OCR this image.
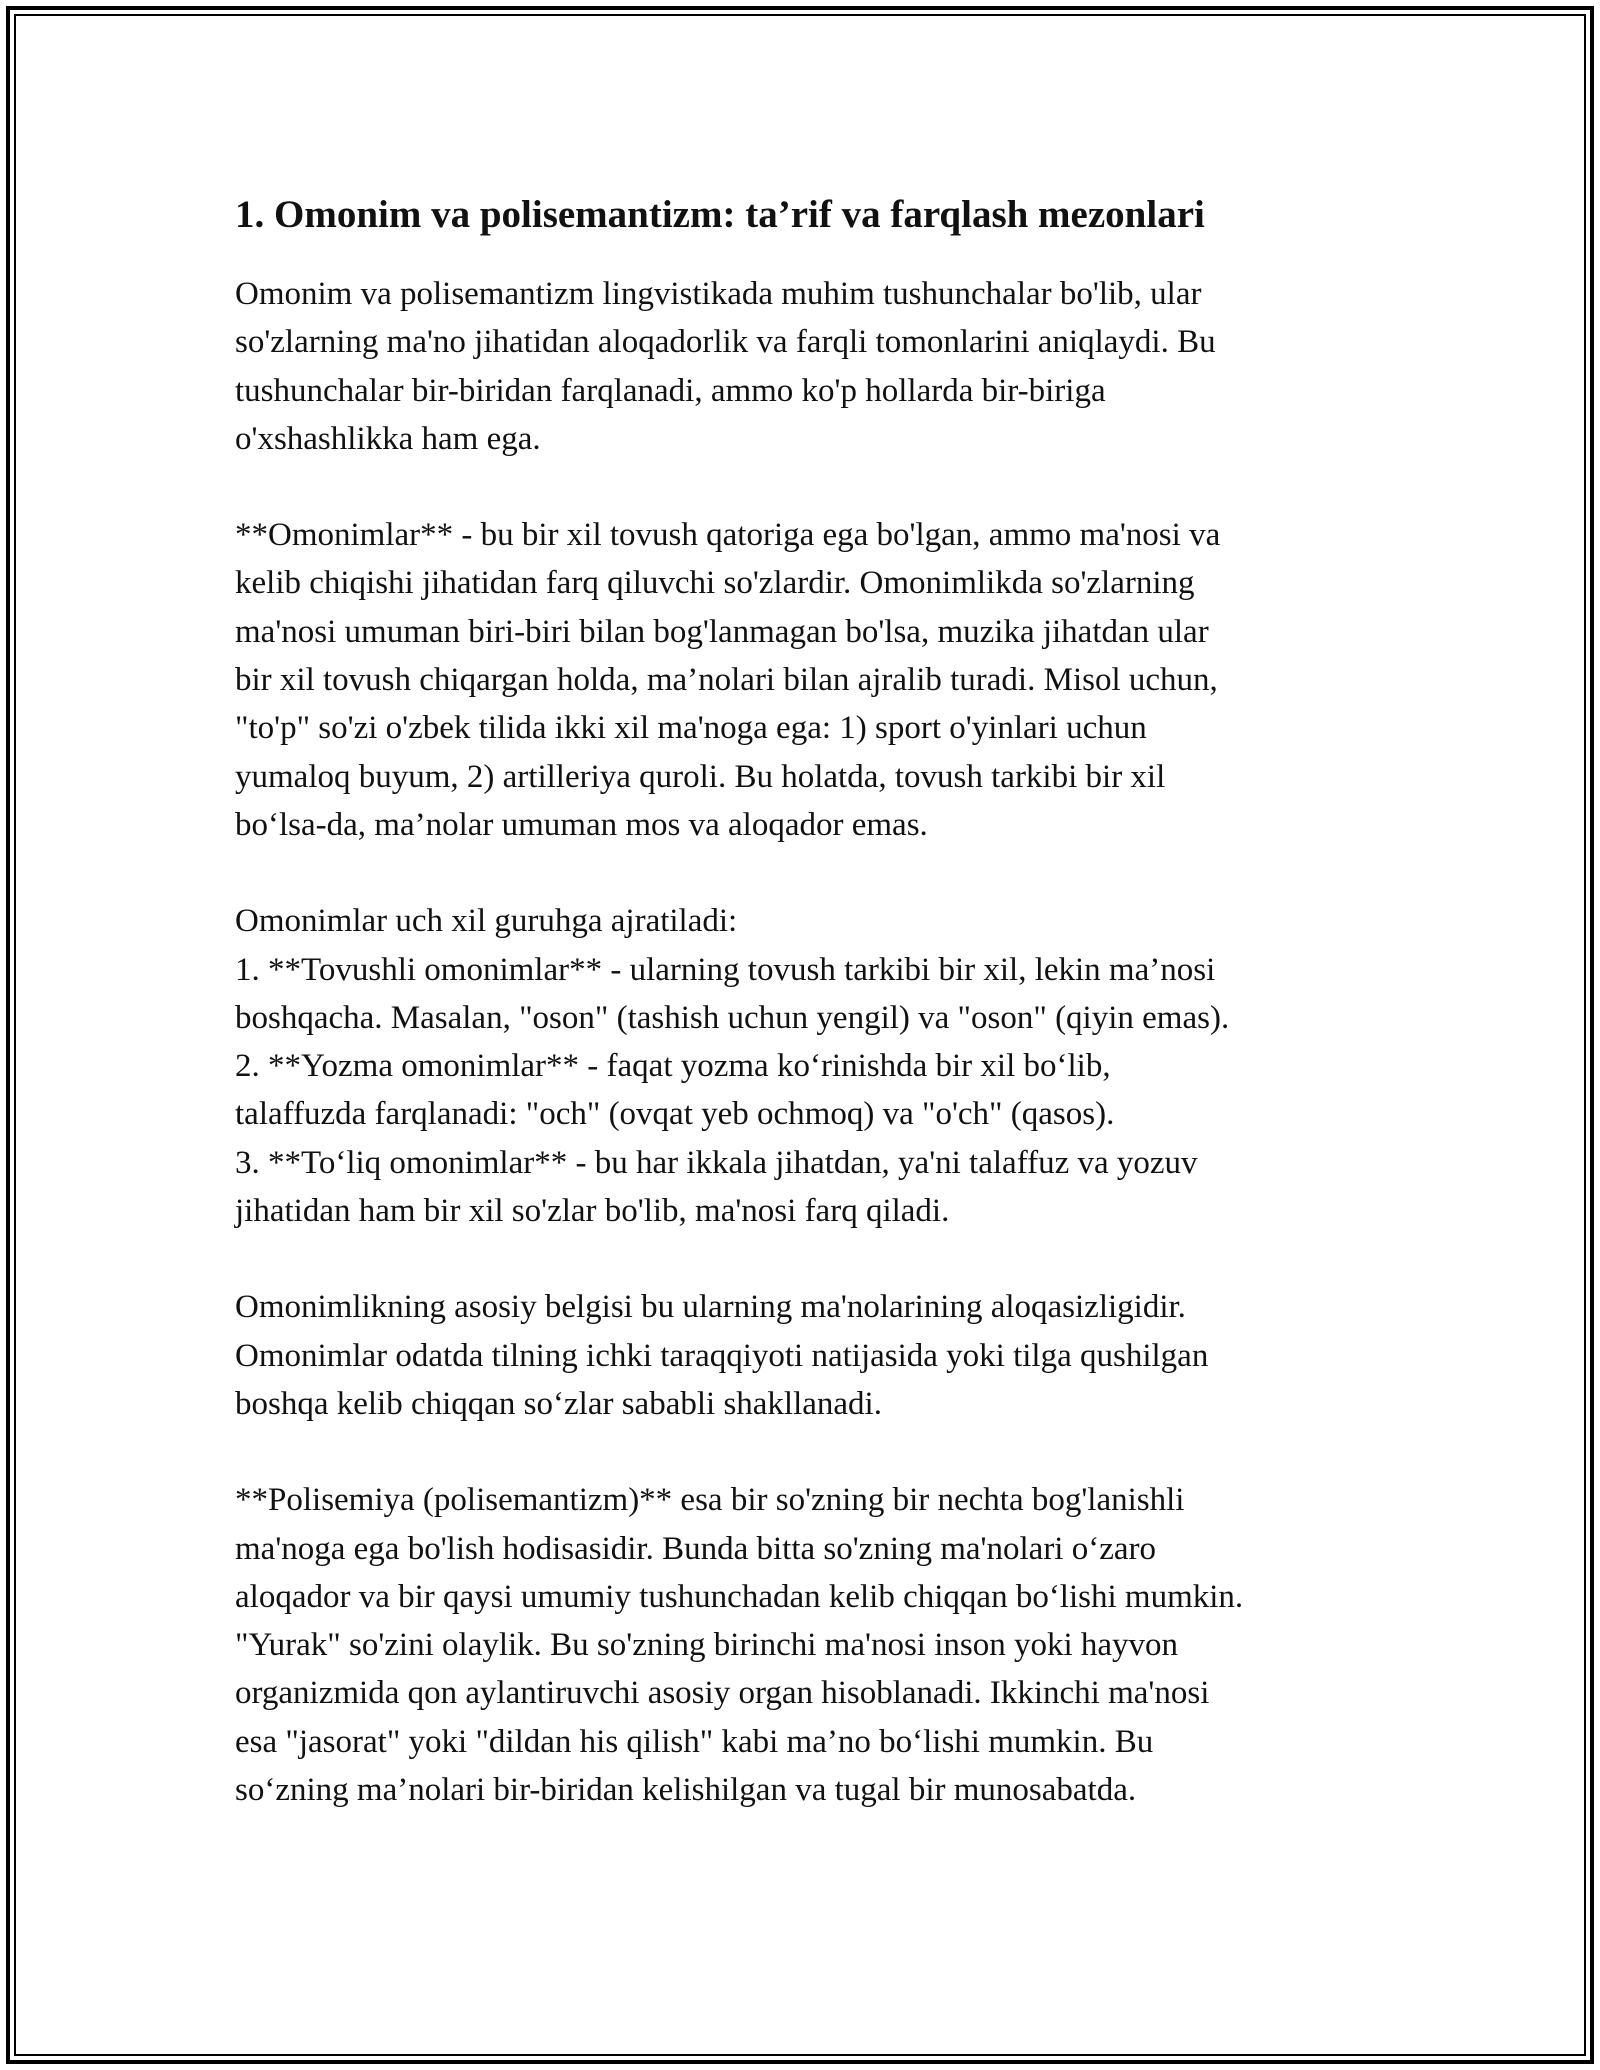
1. Omonim va polisemantizm: ta’rif va farqlash mezonlari

Omonim va polisemantizm lingvistikada muhim tushunchalar bo'lib, ular
so'zlarning ma'no jihatidan aloqadorlik va farqli tomonlarini aniqlaydi. Bu
tushunchalar bir-biridan farqlanadi, ammo ko'p hollarda bir-biriga
o'xshashlikka ham ega.

**Omonimlar** - bu bir xil tovush qatoriga ega bo'lgan, ammo ma'nosi va
kelib chiqishi jihatidan farq qiluvchi so'zlardir. Omonimlikda so'zlarning
ma'nosi umuman biri-biri bilan bog'lanmagan bo'lsa, muzika jihatdan ular
bir xil tovush chiqargan holda, ma’nolari bilan ajralib turadi. Misol uchun,
"to'p" so'zi o'zbek tilida ikki xil ma'noga ega: 1) sport o'yinlari uchun
yumaloq buyum, 2) artilleriya quroli. Bu holatda, tovush tarkibi bir xil
bo‘lsa-da, ma’nolar umuman mos va aloqador emas.

Omonimlar uch xil guruhga ajratiladi:
1. **Tovushli omonimlar** - ularning tovush tarkibi bir xil, lekin ma’nosi
boshqacha. Masalan, "oson" (tashish uchun yengil) va "oson" (qiyin emas).
2. **Yozma omonimlar** - faqat yozma ko‘rinishda bir xil bo‘lib,
talaffuzda farqlanadi: "och" (ovqat yeb ochmoq) va "o'ch" (qasos).
3. **To‘liq omonimlar** - bu har ikkala jihatdan, ya'ni talaffuz va yozuv
jihatidan ham bir xil so'zlar bo'lib, ma'nosi farq qiladi.

Omonimlikning asosiy belgisi bu ularning ma'nolarining aloqasizligidir.
Omonimlar odatda tilning ichki taraqqiyoti natijasida yoki tilga qushilgan
boshqa kelib chiqqan so‘zlar sababli shakllanadi.

**Polisemiya (polisemantizm)** esa bir so'zning bir nechta bog'lanishli
ma'noga ega bo'lish hodisasidir. Bunda bitta so'zning ma'nolari o‘zaro
aloqador va bir qaysi umumiy tushunchadan kelib chiqqan bo‘lishi mumkin.
"Yurak" so'zini olaylik. Bu so'zning birinchi ma'nosi inson yoki hayvon
organizmida qon aylantiruvchi asosiy organ hisoblanadi. Ikkinchi ma'nosi
esa "jasorat" yoki "dildan his qilish" kabi ma’no bo‘lishi mumkin. Bu
so‘zning ma’nolari bir-biridan kelishilgan va tugal bir munosabatda.
